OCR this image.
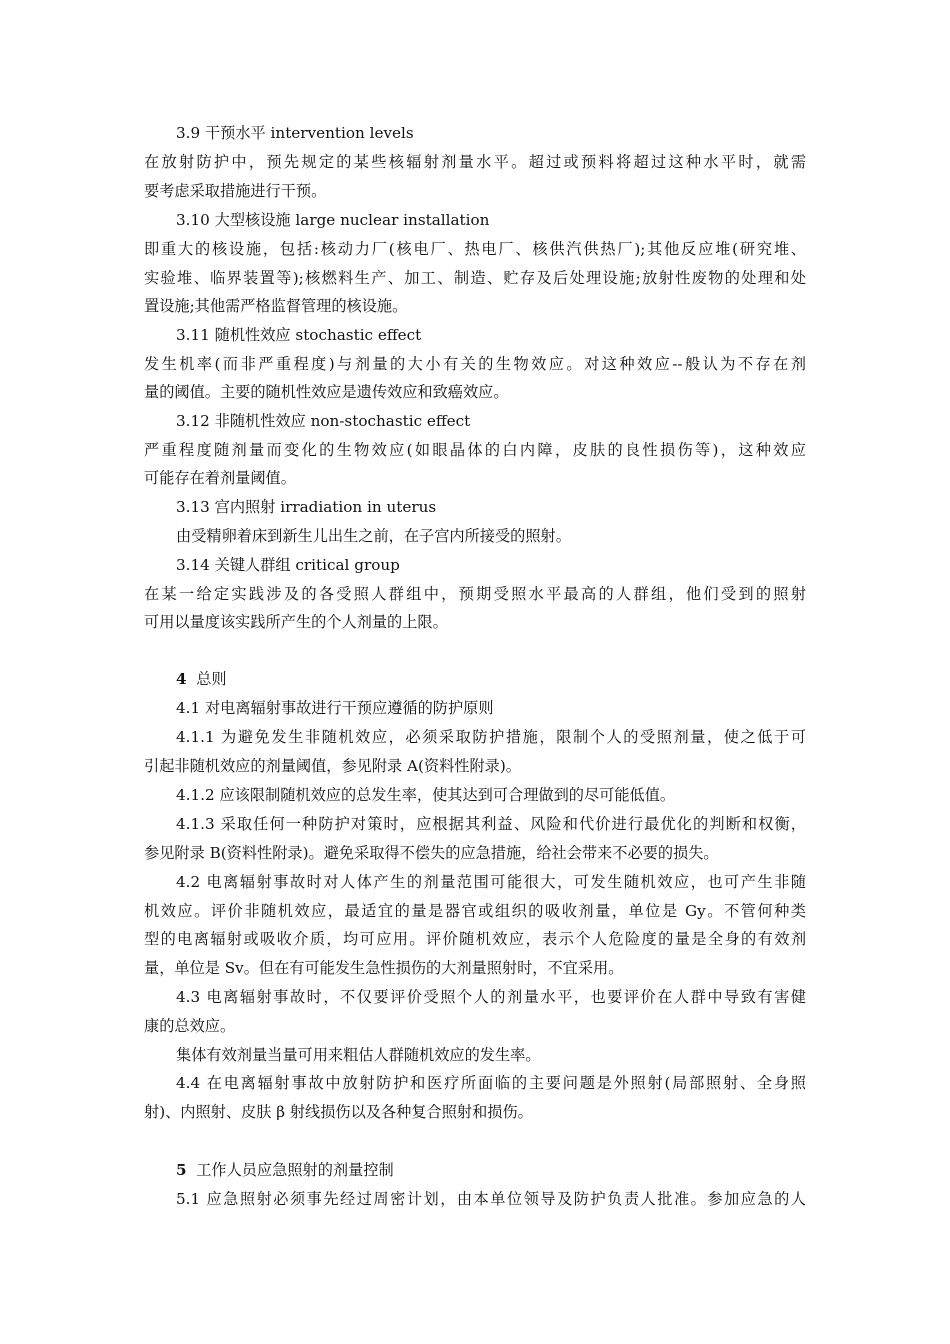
3.9 干预水平 intervention levels
在放射防护中，预先规定的某些核辐射剂量水平。超过或预料将超过这种水平时，就需
要考虑采取措施进行干预。
3.10 大型核设施 large nuclear installation
即重大的核设施，包括:核动力厂(核电厂、热电厂、核供汽供热厂);其他反应堆(研究堆、
实验堆、临界装置等);核燃料生产、加工、制造、贮存及后处理设施;放射性废物的处理和处
置设施;其他需严格监督管理的核设施。
3.11 随机性效应 stochastic effect
发生机率(而非严重程度)与剂量的大小有关的生物效应。对这种效应--般认为不存在剂
量的阈值。主要的随机性效应是遗传效应和致癌效应。
3.12 非随机性效应 non-stochastic effect
严重程度随剂量而变化的生物效应(如眼晶体的白内障，皮肤的良性损伤等)，这种效应
可能存在着剂量阈值。
3.13 宫内照射 irradiation in uterus
由受精卵着床到新生儿出生之前，在子宫内所接受的照射。
3.14 关键人群组 critical group
在某一给定实践涉及的各受照人群组中，预期受照水平最高的人群组，他们受到的照射
可用以量度该实践所产生的个人剂量的上限。
4 总则
4.1 对电离辐射事故进行干预应遵循的防护原则
4.1.1 为避免发生非随机效应，必须采取防护措施，限制个人的受照剂量，使之低于可
引起非随机效应的剂量阈值，参见附录 A(资料性附录)。
4.1.2 应该限制随机效应的总发生率，使其达到可合理做到的尽可能低值。
4.1.3 采取任何一种防护对策时，应根据其利益、风险和代价进行最优化的判断和权衡，
参见附录 B(资料性附录)。避免采取得不偿失的应急措施，给社会带来不必要的损失。
4.2 电离辐射事故时对人体产生的剂量范围可能很大，可发生随机效应，也可产生非随
机效应。评价非随机效应，最适宜的量是器官或组织的吸收剂量，单位是 Gy。不管何种类
型的电离辐射或吸收介质，均可应用。评价随机效应，表示个人危险度的量是全身的有效剂
量，单位是 Sv。但在有可能发生急性损伤的大剂量照射时，不宜采用。
4.3 电离辐射事故时，不仅要评价受照个人的剂量水平，也要评价在人群中导致有害健
康的总效应。
集体有效剂量当量可用来粗估人群随机效应的发生率。
4.4 在电离辐射事故中放射防护和医疗所面临的主要问题是外照射(局部照射、全身照
射)、内照射、皮肤 β 射线损伤以及各种复合照射和损伤。
5 工作人员应急照射的剂量控制
5.1 应急照射必须事先经过周密计划，由本单位领导及防护负责人批准。参加应急的人
